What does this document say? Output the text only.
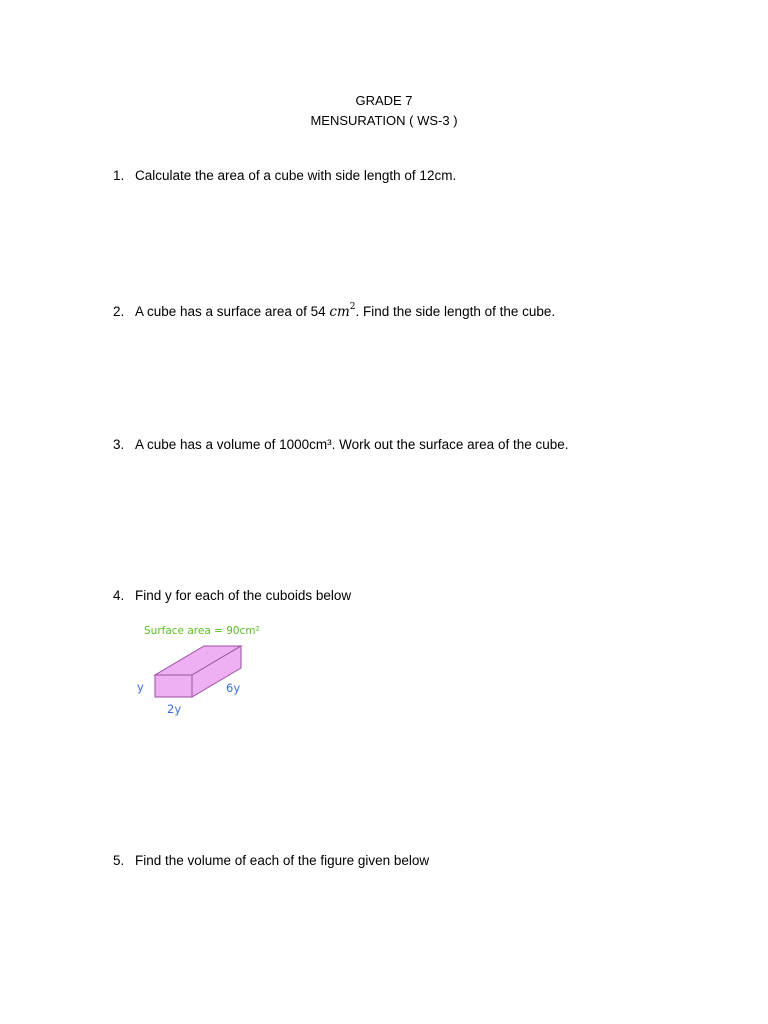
GRADE 7
MENSURATION ( WS-3 )
1. Calculate the area of a cube with side length of 12cm.
2. A cube has a surface area of 54 $cm^2$. Find the side length of the cube.
3. A cube has a volume of 1000cm³. Work out the surface area of the cube.
4. Find y for each of the cuboids below
Surface area = 90cm²
y
2y
6y
5. Find the volume of each of the figure given below
